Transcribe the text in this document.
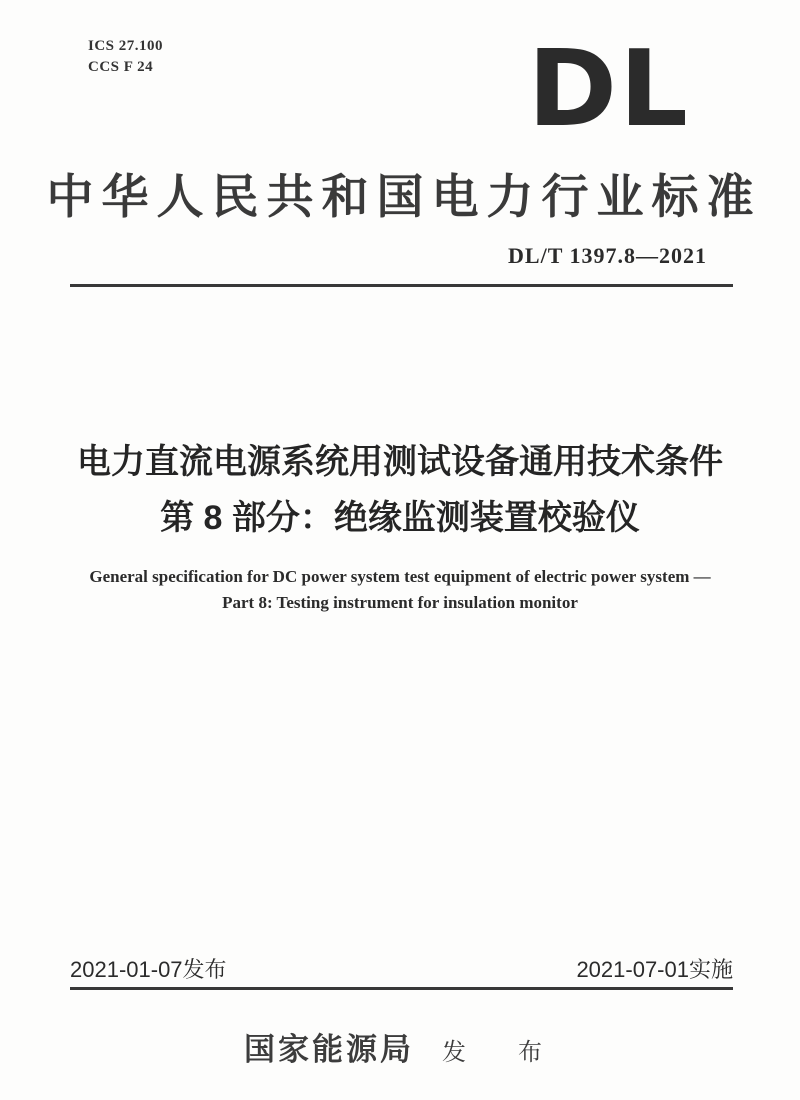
ICS 27.100
CCS F 24	DL
中华人民共和国电力行业标准
DL/T 1397.8—2021
电力直流电源系统用测试设备通用技术条件
第 8 部分：绝缘监测装置校验仪
General specification for DC power system test equipment of electric power system —
Part 8: Testing instrument for insulation monitor
2021-01-07发布	2021-07-01实施
国家能源局 发　布
